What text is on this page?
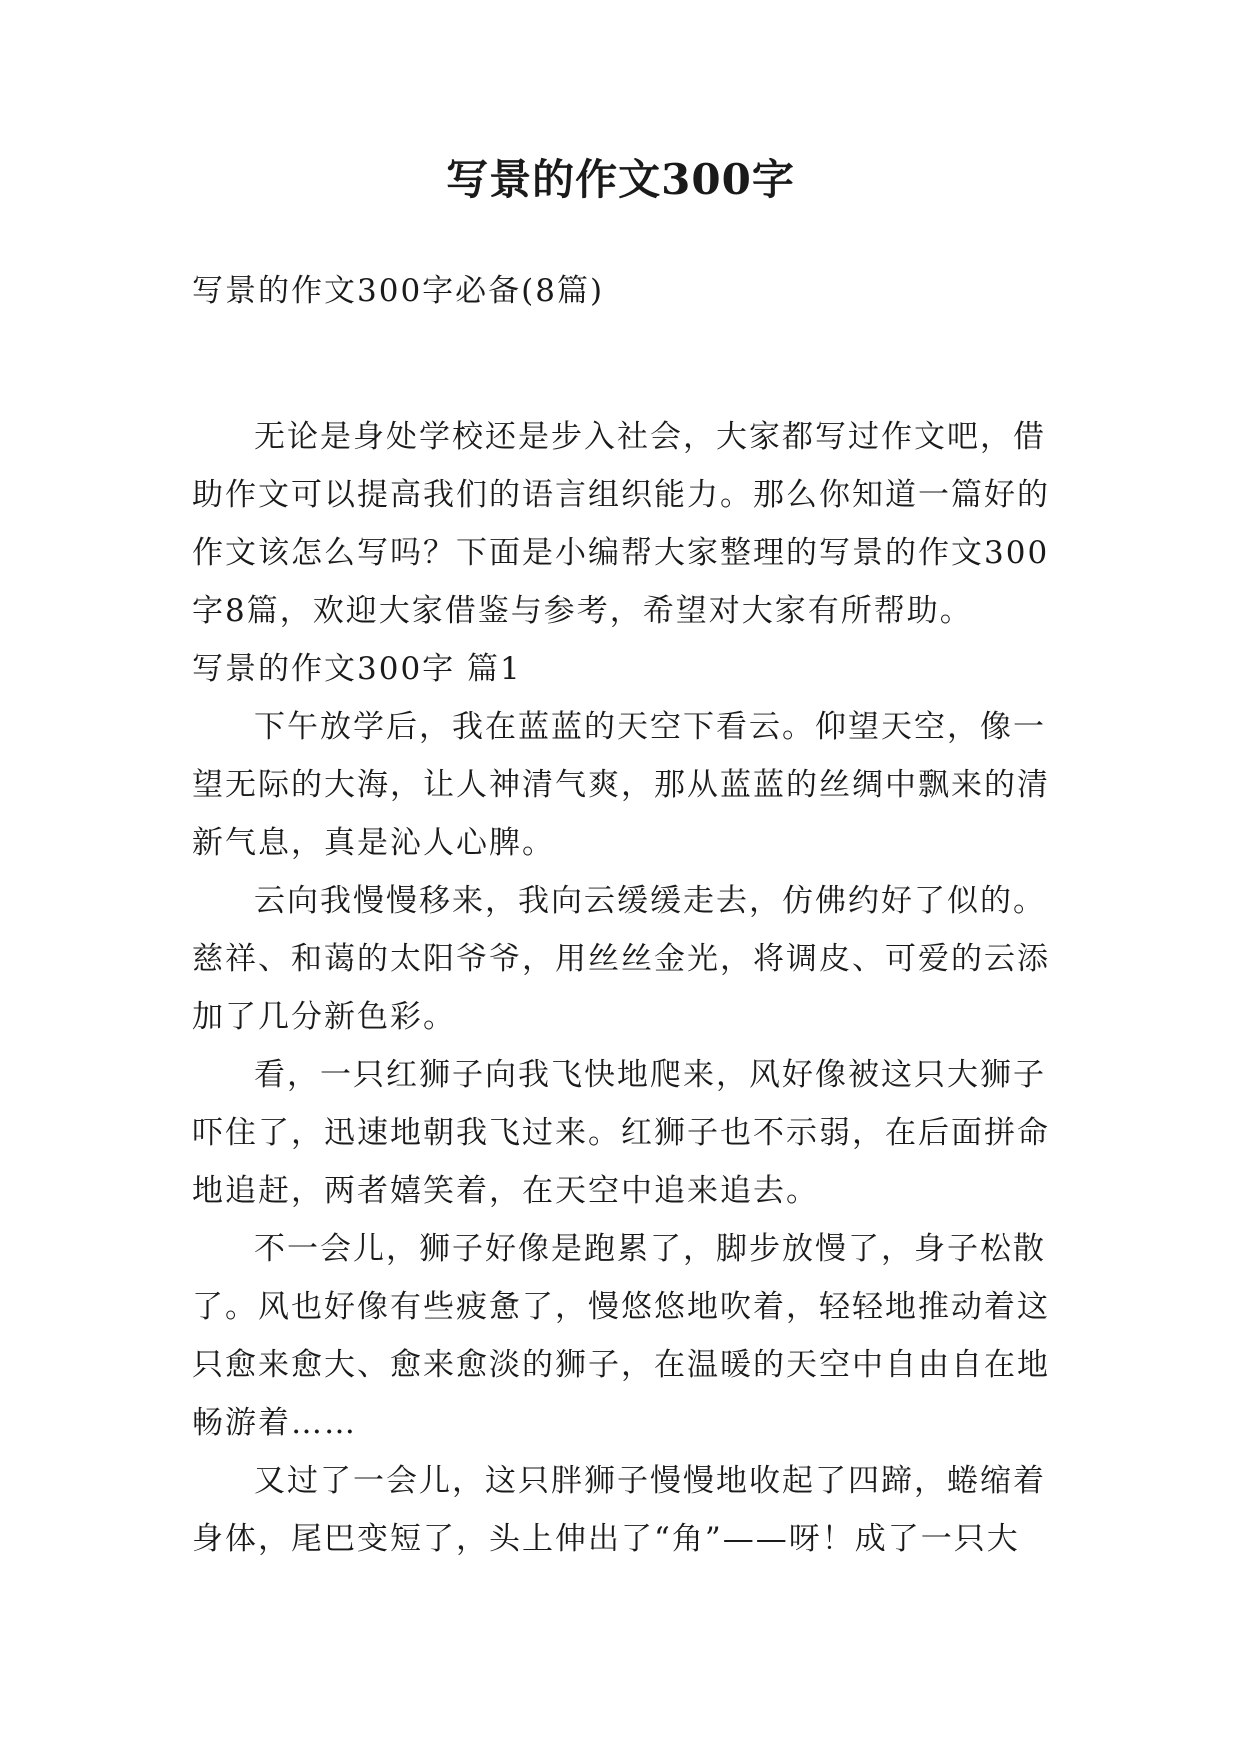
写景的作文300字
写景的作文300字必备(8篇)

无论是身处学校还是步入社会，大家都写过作文吧，借助作文可以提高我们的语言组织能力。那么你知道一篇好的作文该怎么写吗？下面是小编帮大家整理的写景的作文300字8篇，欢迎大家借鉴与参考，希望对大家有所帮助。

写景的作文300字 篇1

下午放学后，我在蓝蓝的天空下看云。仰望天空，像一望无际的大海，让人神清气爽，那从蓝蓝的丝绸中飘来的清新气息，真是沁人心脾。

云向我慢慢移来，我向云缓缓走去，仿佛约好了似的。慈祥、和蔼的太阳爷爷，用丝丝金光，将调皮、可爱的云添加了几分新色彩。

看，一只红狮子向我飞快地爬来，风好像被这只大狮子吓住了，迅速地朝我飞过来。红狮子也不示弱，在后面拼命地追赶，两者嬉笑着，在天空中追来追去。

不一会儿，狮子好像是跑累了，脚步放慢了，身子松散了。风也好像有些疲惫了，慢悠悠地吹着，轻轻地推动着这只愈来愈大、愈来愈淡的狮子，在温暖的天空中自由自在地畅游着……

又过了一会儿，这只胖狮子慢慢地收起了四蹄，蜷缩着身体，尾巴变短了，头上伸出了“角”——呀！成了一只大
